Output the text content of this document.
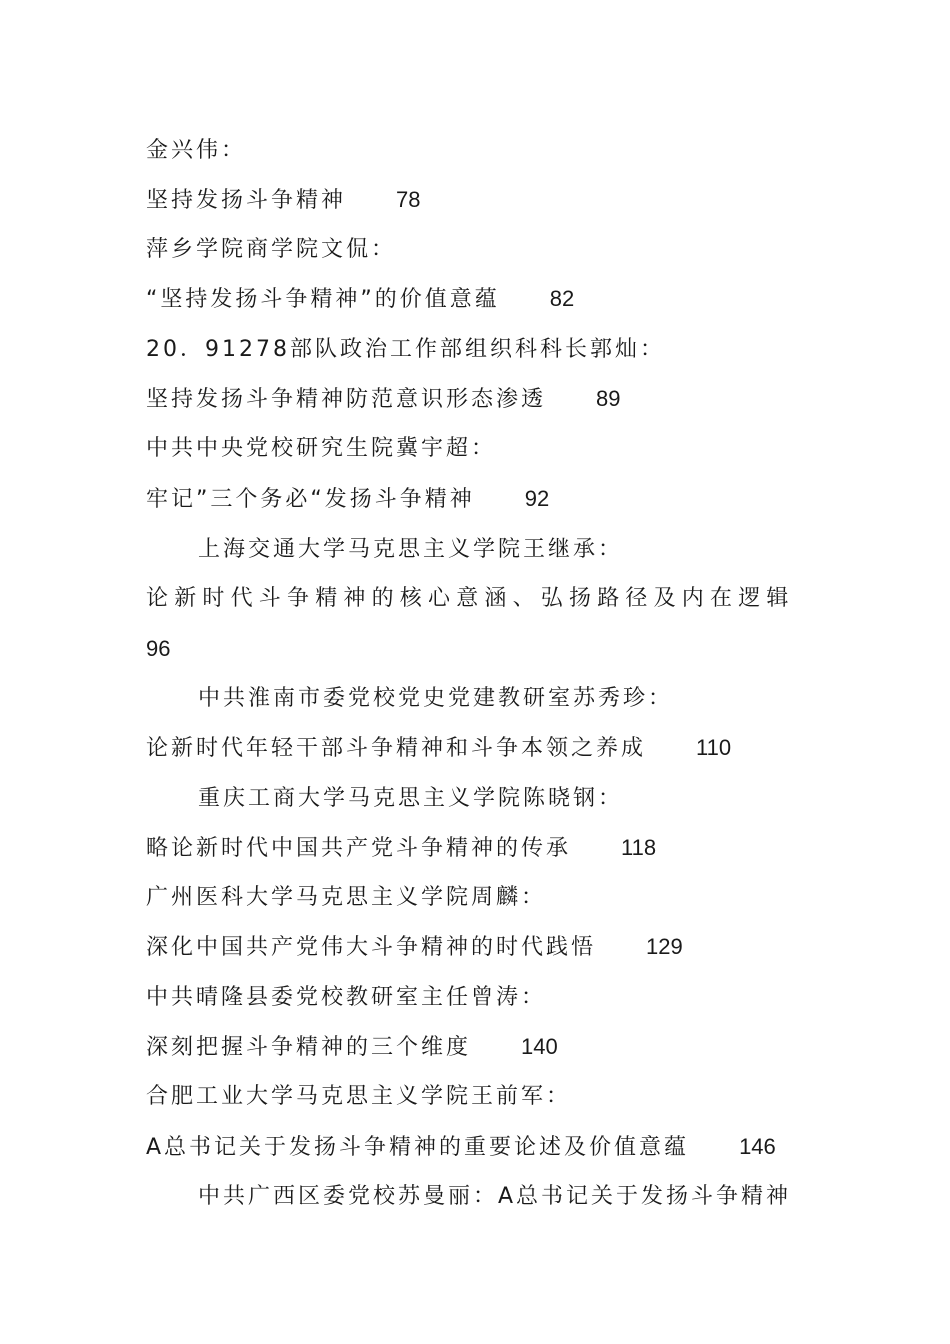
金兴伟：
坚持发扬斗争精神 78
萍乡学院商学院文侃：
“坚持发扬斗争精神”的价值意蕴 82
20．91278部队政治工作部组织科科长郭灿：
坚持发扬斗争精神防范意识形态渗透 89
中共中央党校研究生院冀宇超：
牢记”三个务必“发扬斗争精神 92
上海交通大学马克思主义学院王继承：
论新时代斗争精神的核心意涵、弘扬路径及内在逻辑
96
中共淮南市委党校党史党建教研室苏秀珍：
论新时代年轻干部斗争精神和斗争本领之养成 110
重庆工商大学马克思主义学院陈晓钢：
略论新时代中国共产党斗争精神的传承 118
广州医科大学马克思主义学院周麟：
深化中国共产党伟大斗争精神的时代践悟 129
中共晴隆县委党校教研室主任曾涛：
深刻把握斗争精神的三个维度 140
合肥工业大学马克思主义学院王前军：
A总书记关于发扬斗争精神的重要论述及价值意蕴 146
中共广西区委党校苏曼丽：A总书记关于发扬斗争精神
